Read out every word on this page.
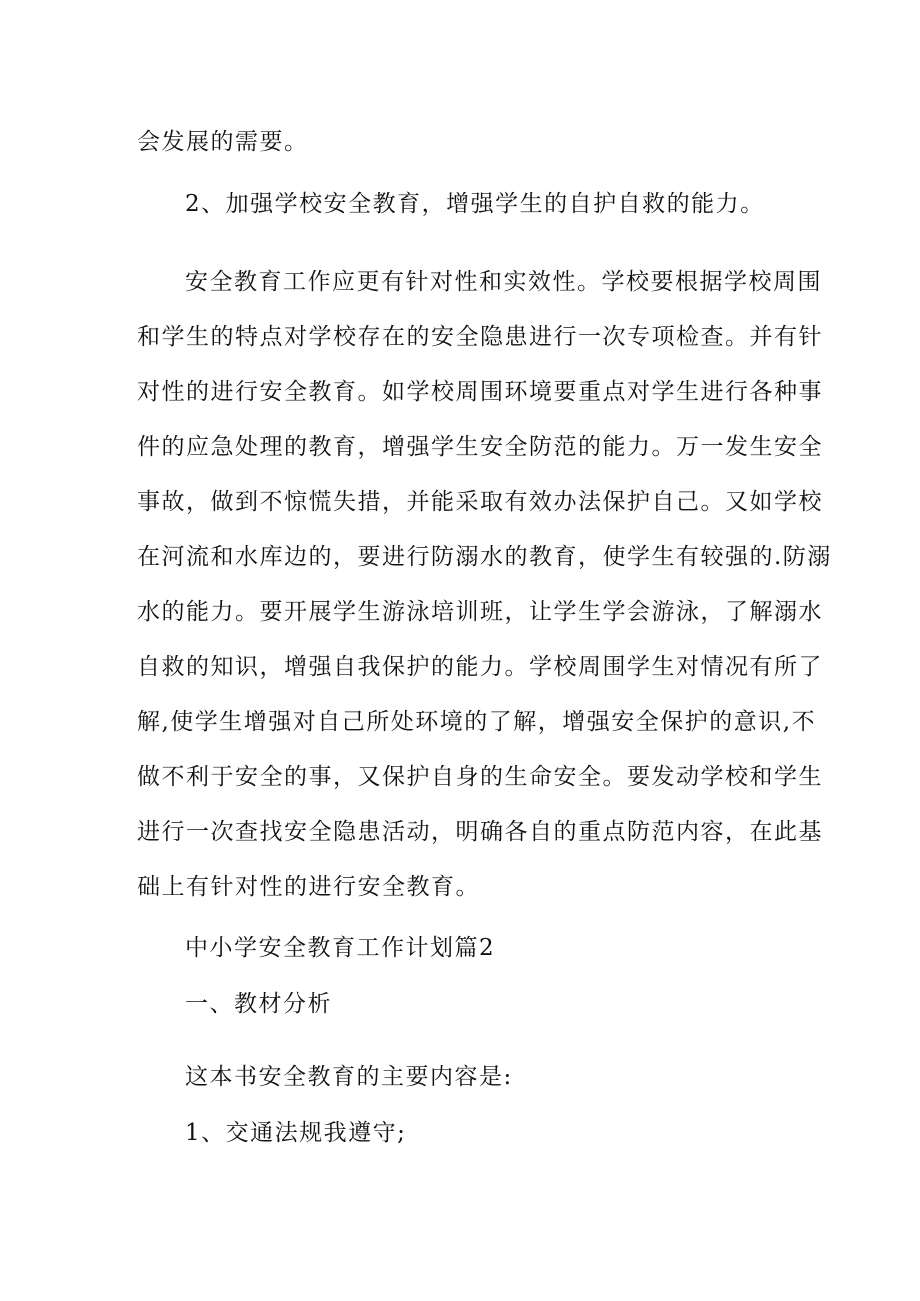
会发展的需要。
2、加强学校安全教育，增强学生的自护自救的能力。
安全教育工作应更有针对性和实效性。学校要根据学校周围
和学生的特点对学校存在的安全隐患进行一次专项检查。并有针
对性的进行安全教育。如学校周围环境要重点对学生进行各种事
件的应急处理的教育，增强学生安全防范的能力。万一发生安全
事故，做到不惊慌失措，并能采取有效办法保护自己。又如学校
在河流和水库边的，要进行防溺水的教育，使学生有较强的.防溺
水的能力。要开展学生游泳培训班，让学生学会游泳，了解溺水
自救的知识，增强自我保护的能力。学校周围学生对情况有所了
解,使学生增强对自己所处环境的了解，增强安全保护的意识,不
做不利于安全的事，又保护自身的生命安全。要发动学校和学生
进行一次查找安全隐患活动，明确各自的重点防范内容，在此基
础上有针对性的进行安全教育。
中小学安全教育工作计划篇2
一、教材分析
这本书安全教育的主要内容是:
1、交通法规我遵守;
